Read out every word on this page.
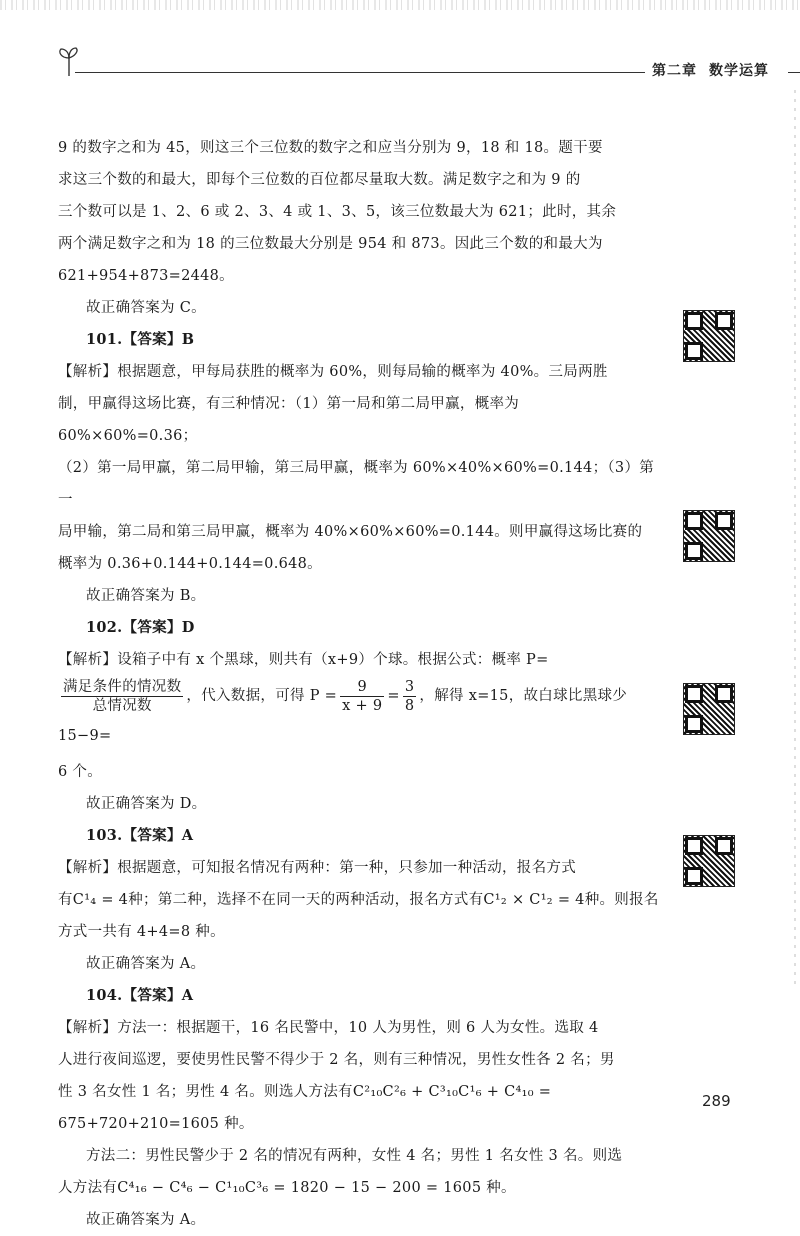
第二章 数学运算

9 的数字之和为 45，则这三个三位数的数字之和应当分别为 9，18 和 18。题干要

求这三个数的和最大，即每个三位数的百位都尽量取大数。满足数字之和为 9 的

三个数可以是 1、2、6 或 2、3、4 或 1、3、5，该三位数最大为 621；此时，其余

两个满足数字之和为 18 的三位数最大分别是 954 和 873。因此三个数的和最大为

621+954+873=2448。

故正确答案为 C。

101.【答案】B

【解析】根据题意，甲每局获胜的概率为 60%，则每局输的概率为 40%。三局两胜

制，甲赢得这场比赛，有三种情况：（1）第一局和第二局甲赢，概率为 60%×60%=0.36；

（2）第一局甲赢，第二局甲输，第三局甲赢，概率为 60%×40%×60%=0.144；（3）第一

局甲输，第二局和第三局甲赢，概率为 40%×60%×60%=0.144。则甲赢得这场比赛的

概率为 0.36+0.144+0.144=0.648。

故正确答案为 B。

102.【答案】D

【解析】设箱子中有 x 个黑球，则共有（x+9）个球。根据公式：概率 P=

$\frac{\text{满足条件的情况数}}{\text{总情况数}}$ ，代入数据，可得 $P = \frac{9}{x + 9} = \frac{3}{8}$ ，解得 x=15，故白球比黑球少 15−9=

6 个。

故正确答案为 D。

103.【答案】A

【解析】根据题意，可知报名情况有两种：第一种，只参加一种活动，报名方式

有C¹₄ = 4种；第二种，选择不在同一天的两种活动，报名方式有C¹₂ × C¹₂ = 4种。则报名

方式一共有 4+4=8 种。

故正确答案为 A。

104.【答案】A

【解析】方法一：根据题干，16 名民警中，10 人为男性，则 6 人为女性。选取 4

人进行夜间巡逻，要使男性民警不得少于 2 名，则有三种情况，男性女性各 2 名；男

性 3 名女性 1 名；男性 4 名。则选人方法有C²₁₀C²₆ + C³₁₀C¹₆ + C⁴₁₀ = 675+720+210=1605 种。

方法二：男性民警少于 2 名的情况有两种，女性 4 名；男性 1 名女性 3 名。则选

人方法有C⁴₁₆ − C⁴₆ − C¹₁₀C³₆ = 1820 − 15 − 200 = 1605 种。

故正确答案为 A。

289
